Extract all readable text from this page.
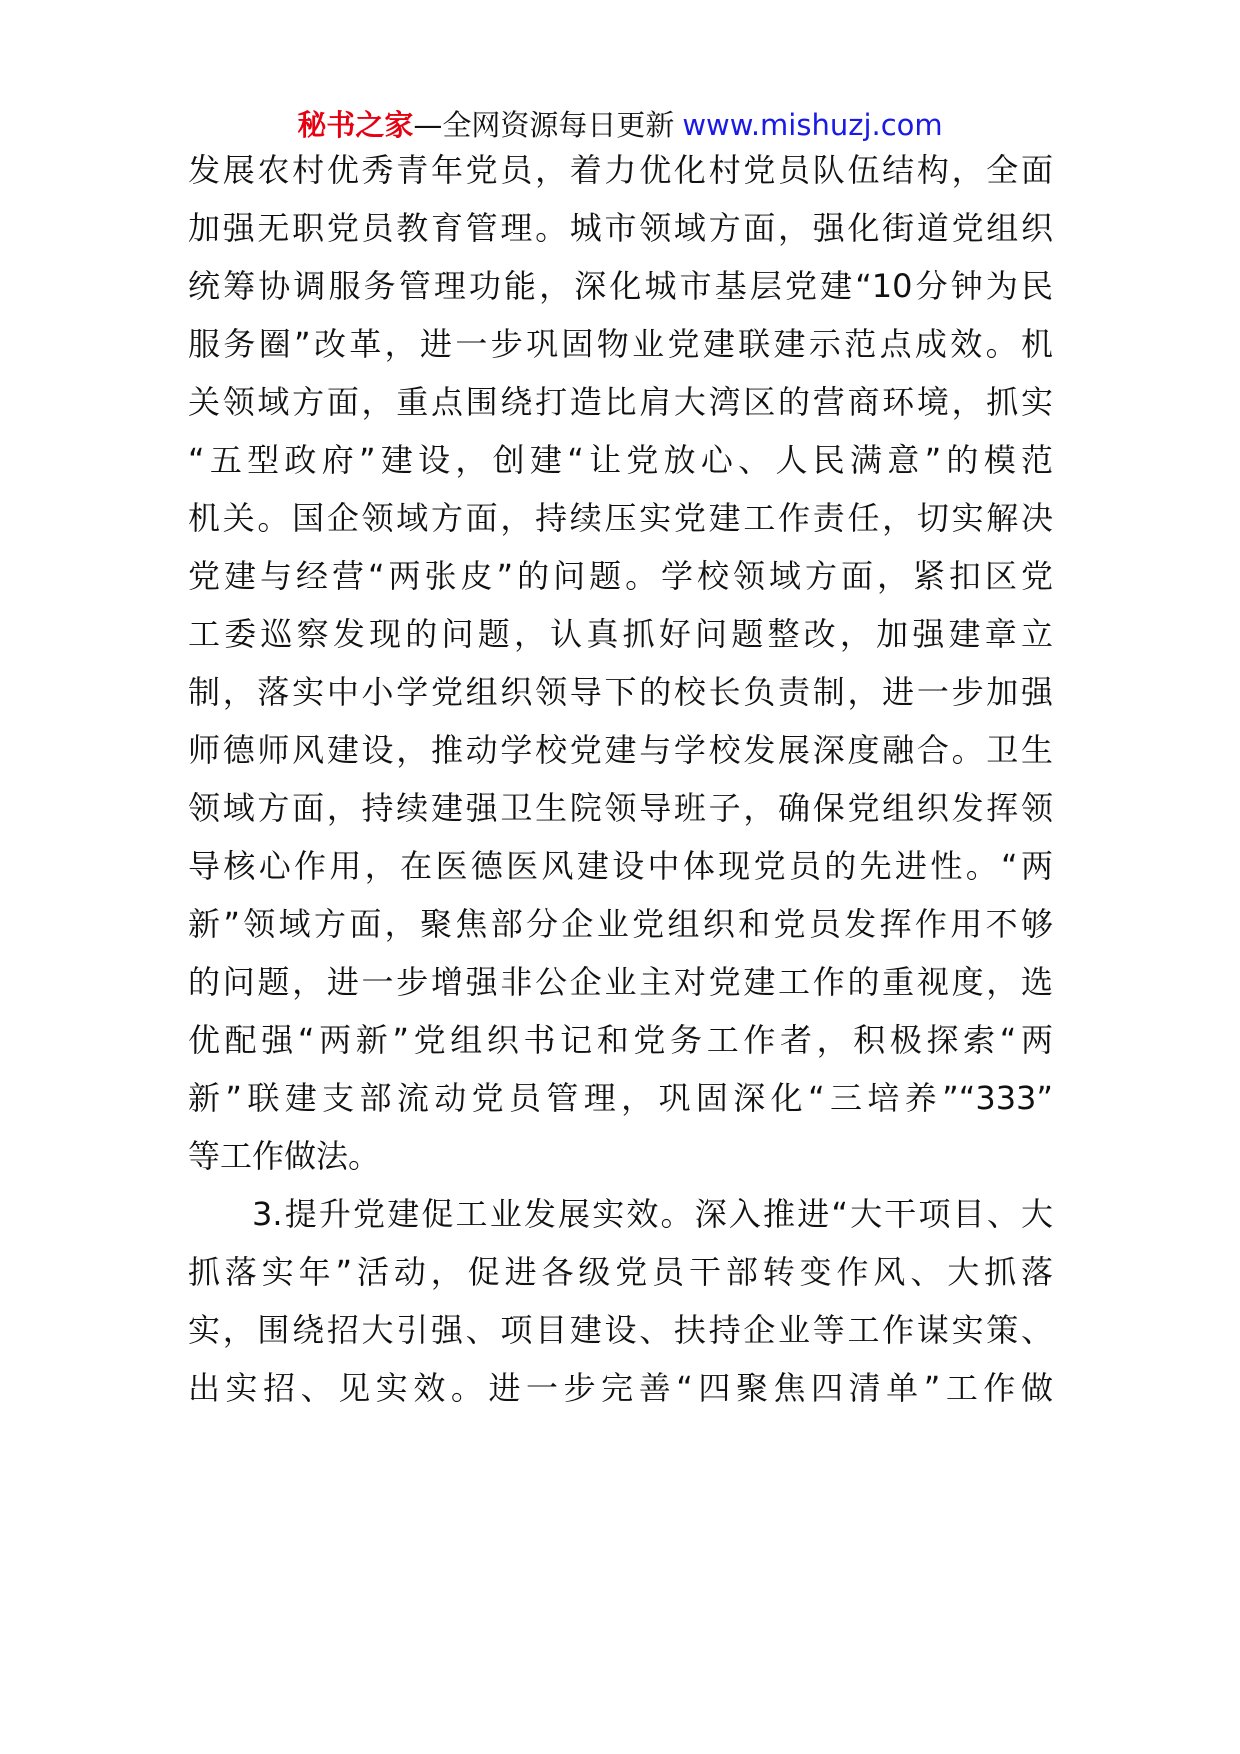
秘书之家—全网资源每日更新 www.mishuzj.com
发展农村优秀青年党员，着力优化村党员队伍结构，全面
加强无职党员教育管理。城市领域方面，强化街道党组织
统筹协调服务管理功能，深化城市基层党建“10分钟为民
服务圈”改革，进一步巩固物业党建联建示范点成效。机
关领域方面，重点围绕打造比肩大湾区的营商环境，抓实
“五型政府”建设，创建“让党放心、人民满意”的模范
机关。国企领域方面，持续压实党建工作责任，切实解决
党建与经营“两张皮”的问题。学校领域方面，紧扣区党
工委巡察发现的问题，认真抓好问题整改，加强建章立
制，落实中小学党组织领导下的校长负责制，进一步加强
师德师风建设，推动学校党建与学校发展深度融合。卫生
领域方面，持续建强卫生院领导班子，确保党组织发挥领
导核心作用，在医德医风建设中体现党员的先进性。“两
新”领域方面，聚焦部分企业党组织和党员发挥作用不够
的问题，进一步增强非公企业主对党建工作的重视度，选
优配强“两新”党组织书记和党务工作者，积极探索“两
新”联建支部流动党员管理，巩固深化“三培养”“333”
等工作做法。
3.提升党建促工业发展实效。深入推进“大干项目、大
抓落实年”活动，促进各级党员干部转变作风、大抓落
实，围绕招大引强、项目建设、扶持企业等工作谋实策、
出实招、见实效。进一步完善“四聚焦四清单”工作做
